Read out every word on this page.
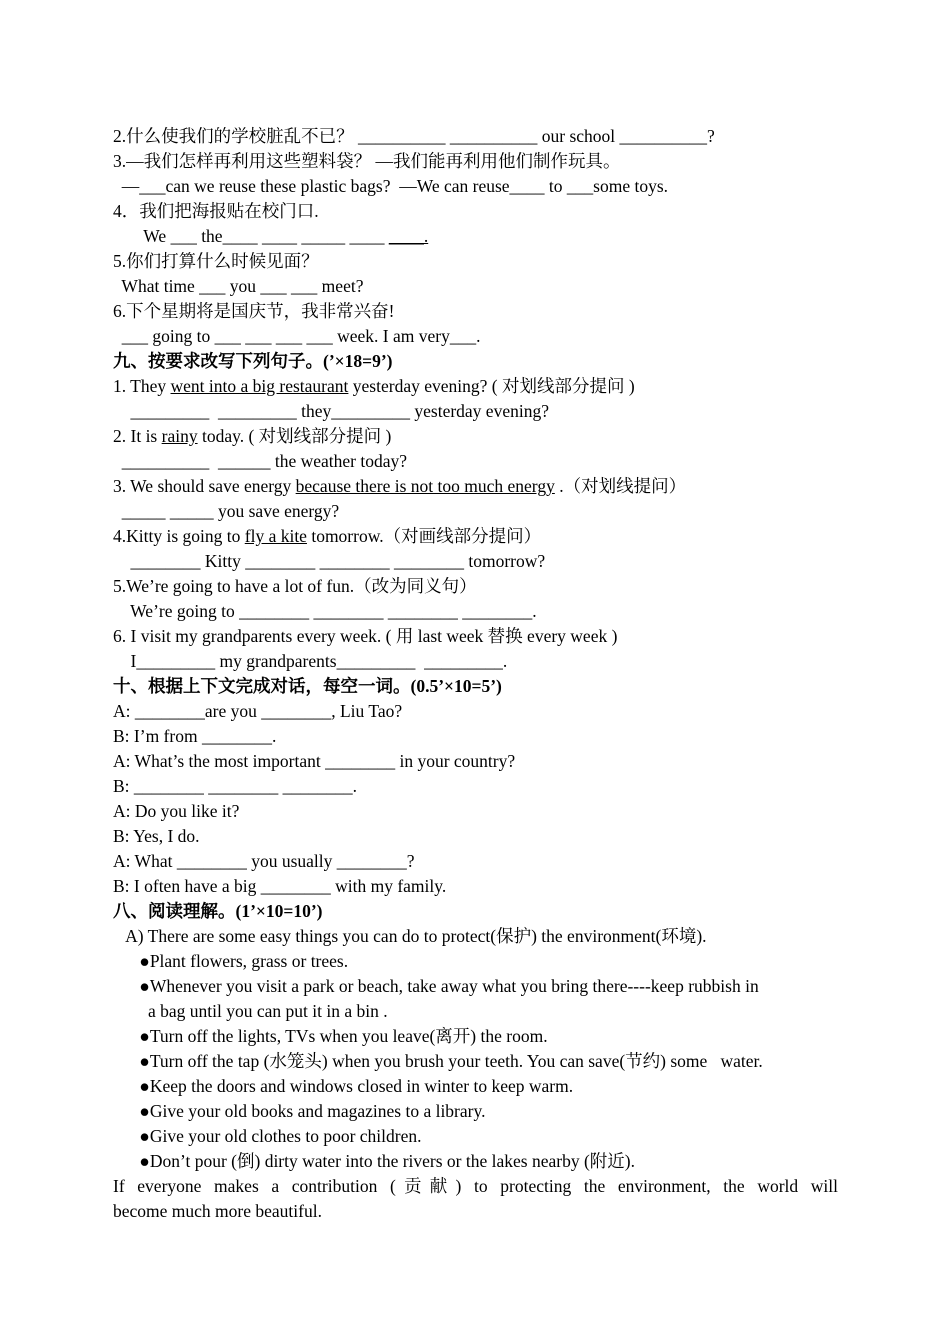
2.什么使我们的学校脏乱不已？ __________ __________ our school __________?
3.—我们怎样再利用这些塑料袋？ —我们能再利用他们制作玩具。
—___can we reuse these plastic bags?  —We can reuse____ to ___some toys.
4．我们把海报贴在校门口.
We ___ the____ ____ _____ ____ ____.
5.你们打算什么时候见面？
What time ___ you ___ ___ meet?
6.下个星期将是国庆节，我非常兴奋!
___ going to ___ ___ ___ ___ week. I am very___.
九、按要求改写下列句子。(’×18=9’)
1. They went into a big restaurant yesterday evening? ( 对划线部分提问 )
_________  _________ they_________ yesterday evening?
2. It is rainy today. ( 对划线部分提问 )
__________  ______ the weather today?
3. We should save energy because there is not too much energy .（对划线提问）
_____ _____ you save energy?
4.Kitty is going to fly a kite tomorrow.（对画线部分提问）
________ Kitty ________ ________ ________ tomorrow?
5.We’re going to have a lot of fun.（改为同义句）
We’re going to ________ ________ ________ ________.
6. I visit my grandparents every week. ( 用 last week 替换 every week )
I_________ my grandparents_________  _________.
十、根据上下文完成对话，每空一词。(0.5’×10=5’)
A: ________are you ________, Liu Tao?
B: I’m from ________.
A: What’s the most important ________ in your country?
B: ________ ________ ________.
A: Do you like it?
B: Yes, I do.
A: What ________ you usually ________?
B: I often have a big ________ with my family.
八、阅读理解。(1’×10=10’)
A) There are some easy things you can do to protect(保护) the environment(环境).
●Plant flowers, grass or trees.
●Whenever you visit a park or beach, take away what you bring there----keep rubbish in
a bag until you can put it in a bin .
●Turn off the lights, TVs when you leave(离开) the room.
●Turn off the tap (水笼头) when you brush your teeth. You can save(节约) some   water.
●Keep the doors and windows closed in winter to keep warm.
●Give your old books and magazines to a library.
●Give your old clothes to poor children.
●Don’t pour (倒) dirty water into the rivers or the lakes nearby (附近).
If everyone makes a contribution (贡献) to protecting the environment, the world will
become much more beautiful.
